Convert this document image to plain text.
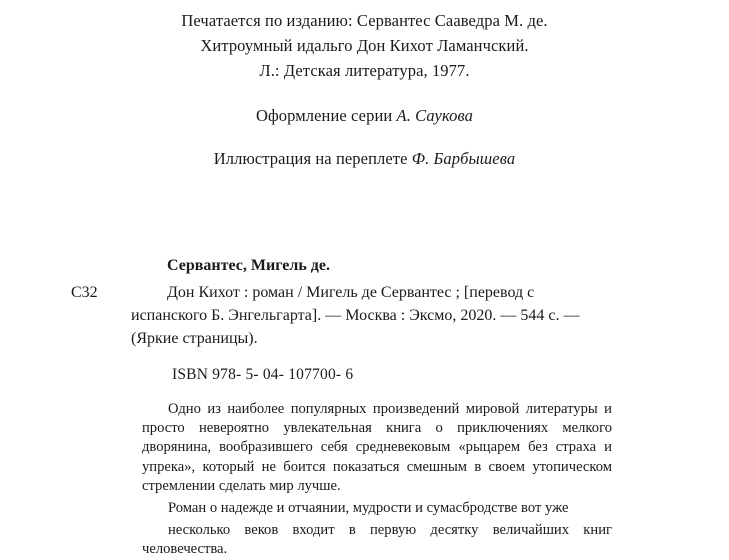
Печатается по изданию: Сервантес Сааведра М. де.
Хитроумный идальго Дон Кихот Ламанчский.
Л.: Детская литература, 1977.
Оформление серии А. Саукова
Иллюстрация на переплете Ф. Барбышева
Сервантес, Мигель де.
С32	Дон Кихот : роман / Мигель де Сервантес ; [перевод с испанского Б. Энгельгарта]. — Москва : Эксмо, 2020. — 544 с. — (Яркие страницы).
ISBN 978- 5- 04- 107700- 6

Одно из наиболее популярных произведений мировой литературы и просто невероятно увлекательная книга о приключениях мелкого дворянина, вообразившего себя средневековым «рыцарем без страха и упрека», который не боится показаться смешным в своем утопическом стремлении сделать мир лучше.

Роман о надежде и отчаянии, мудрости и сумасбродстве вот уже

несколько веков входит в первую десятку величайших книг человечества.
